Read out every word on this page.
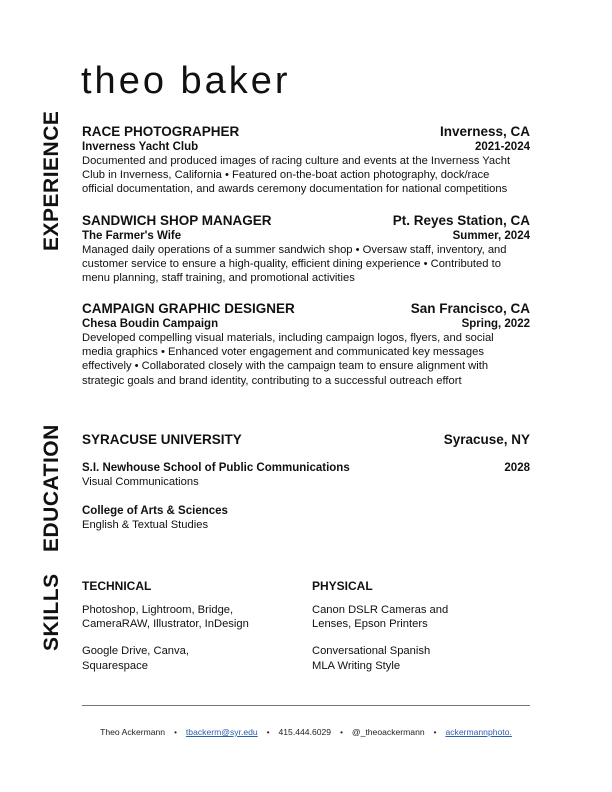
theo baker
EXPERIENCE
EDUCATION
SKILLS
RACE PHOTOGRAPHER	Inverness, CA
Inverness Yacht Club	2021-2024
Documented and produced images of racing culture and events at the Inverness Yacht
Club in Inverness, California • Featured on-the-boat action photography, dock/race
official documentation, and awards ceremony documentation for national competitions
SANDWICH SHOP MANAGER	Pt. Reyes Station, CA
The Farmer's Wife	Summer, 2024
Managed daily operations of a summer sandwich shop • Oversaw staff, inventory, and
customer service to ensure a high-quality, efficient dining experience • Contributed to
menu planning, staff training, and promotional activities
CAMPAIGN GRAPHIC DESIGNER	San Francisco, CA
Chesa Boudin Campaign	Spring, 2022
Developed compelling visual materials, including campaign logos, flyers, and social
media graphics • Enhanced voter engagement and communicated key messages
effectively • Collaborated closely with the campaign team to ensure alignment with
strategic goals and brand identity, contributing to a successful outreach effort
SYRACUSE UNIVERSITY	Syracuse, NY
S.I. Newhouse School of Public Communications	2028
Visual Communications
College of Arts & Sciences
English & Textual Studies
TECHNICAL
Photoshop, Lightroom, Bridge,
CameraRAW, Illustrator, InDesign
Google Drive, Canva,
Squarespace
PHYSICAL
Canon DSLR Cameras and
Lenses, Epson Printers
Conversational Spanish
MLA Writing Style
Theo Ackermann • tbackerm@syr.edu • 415.444.6029 • @_theoackermann • ackermannphoto.
